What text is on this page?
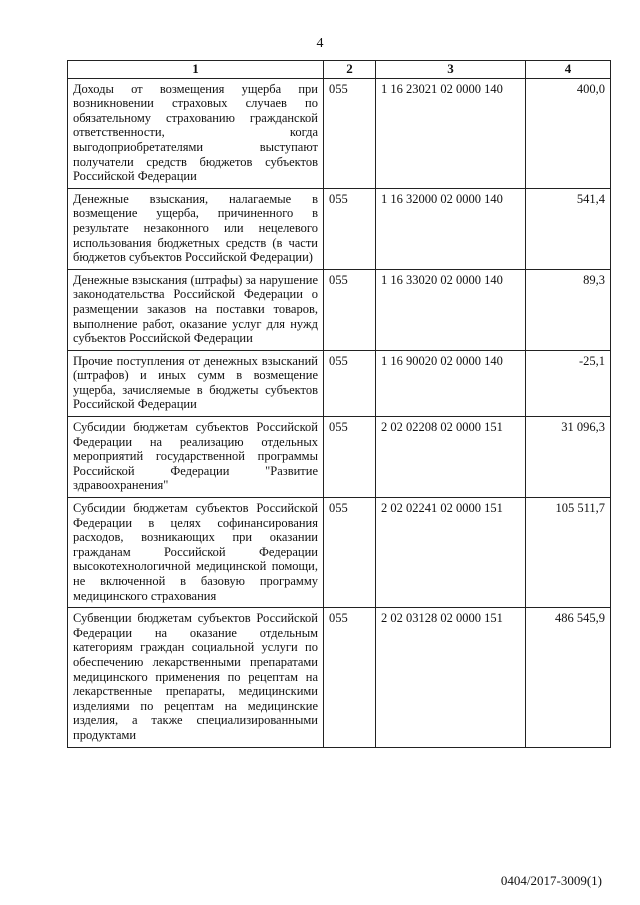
4
1	2	3	4
Доходы от возмещения ущерба при возникновении страховых случаев по обязательному страхованию гражданской ответственности, когда выгодоприобретателями выступают получатели средств бюджетов субъектов Российской Федерации	055	1 16 23021 02 0000 140	400,0
Денежные взыскания, налагаемые в возмещение ущерба, причиненного в результате незаконного или нецелевого использования бюджетных средств (в части бюджетов субъектов Российской Федерации)	055	1 16 32000 02 0000 140	541,4
Денежные взыскания (штрафы) за нарушение законодательства Российской Федерации о размещении заказов на поставки товаров, выполнение работ, оказание услуг для нужд субъектов Российской Федерации	055	1 16 33020 02 0000 140	89,3
Прочие поступления от денежных взысканий (штрафов) и иных сумм в возмещение ущерба, зачисляемые в бюджеты субъектов Российской Федерации	055	1 16 90020 02 0000 140	-25,1
Субсидии бюджетам субъектов Российской Федерации на реализацию отдельных мероприятий государственной программы Российской Федерации "Развитие здравоохранения"	055	2 02 02208 02 0000 151	31 096,3
Субсидии бюджетам субъектов Российской Федерации в целях софинансирования расходов, возникающих при оказании гражданам Российской Федерации высокотехнологичной медицинской помощи, не включенной в базовую программу медицинского страхования	055	2 02 02241 02 0000 151	105 511,7
Субвенции бюджетам субъектов Российской Федерации на оказание отдельным категориям граждан социальной услуги по обеспечению лекарственными препаратами медицинского применения по рецептам на лекарственные препараты, медицинскими изделиями по рецептам на медицинские изделия, а также специализированными продуктами	055	2 02 03128 02 0000 151	486 545,9
0404/2017-3009(1)
